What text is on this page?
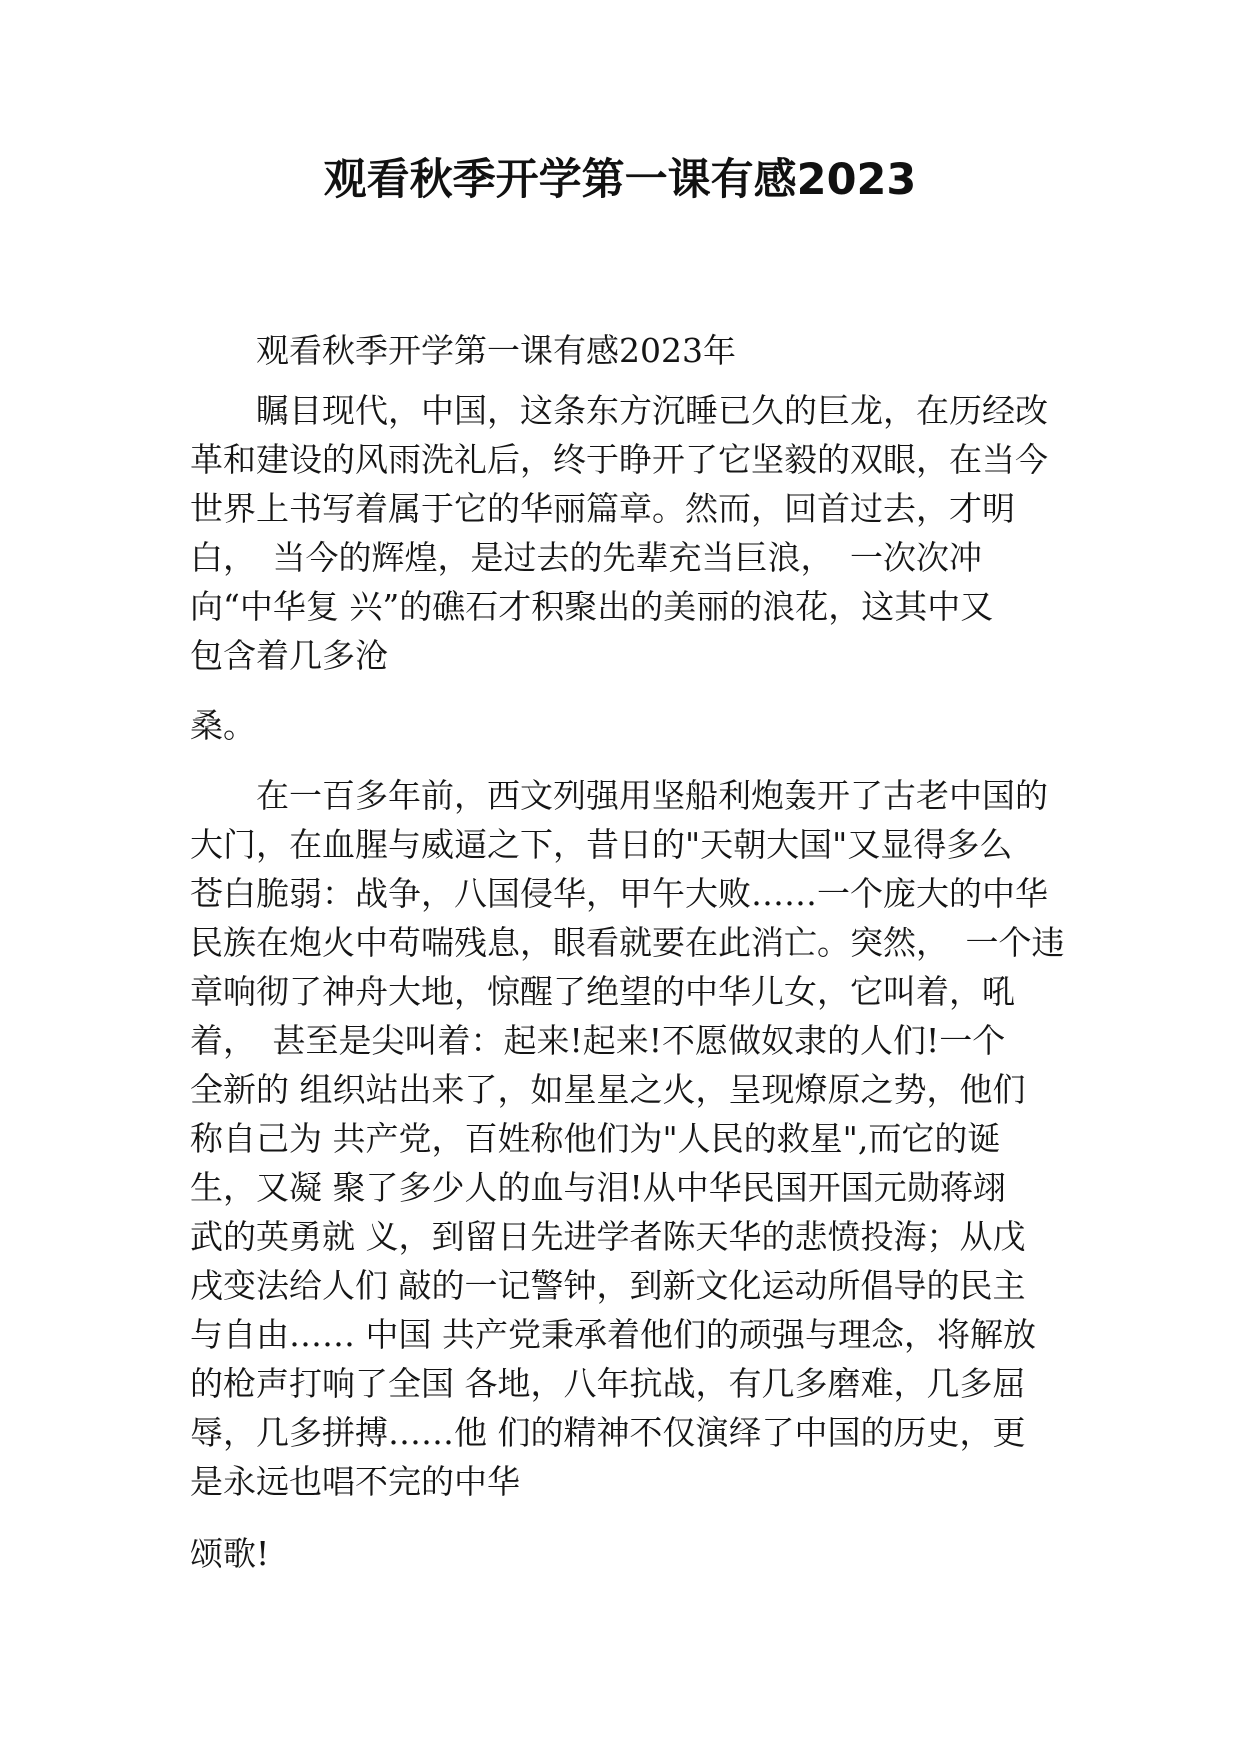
观看秋季开学第一课有感2023
　　观看秋季开学第一课有感2023年
　　瞩目现代，中国，这条东方沉睡已久的巨龙，在历经改
革和建设的风雨洗礼后，终于睁开了它坚毅的双眼，在当今
世界上书写着属于它的华丽篇章。然而，回首过去，才明
白，　当今的辉煌，是过去的先辈充当巨浪，　一次次冲
向“中华复 兴”的礁石才积聚出的美丽的浪花，这其中又
包含着几多沧
桑。
　　在一百多年前，西文列强用坚船利炮轰开了古老中国的
大门，在血腥与威逼之下，昔日的"天朝大国"又显得多么
苍白脆弱：战争，八国侵华，甲午大败……一个庞大的中华
民族在炮火中苟喘残息，眼看就要在此消亡。突然，　一个违
章响彻了神舟大地，惊醒了绝望的中华儿女，它叫着，吼
着，　甚至是尖叫着：起来!起来!不愿做奴隶的人们!一个
全新的 组织站出来了，如星星之火，呈现燎原之势，他们
称自己为 共产党，百姓称他们为"人民的救星",而它的诞
生，又凝 聚了多少人的血与泪!从中华民国开国元勋蒋翊
武的英勇就 义，到留日先进学者陈天华的悲愤投海；从戊
戌变法给人们 敲的一记警钟，到新文化运动所倡导的民主
与自由…… 中国 共产党秉承着他们的顽强与理念，将解放
的枪声打响了全国 各地，八年抗战，有几多磨难，几多屈
辱，几多拼搏……他 们的精神不仅演绎了中国的历史，更
是永远也唱不完的中华
颂歌!
